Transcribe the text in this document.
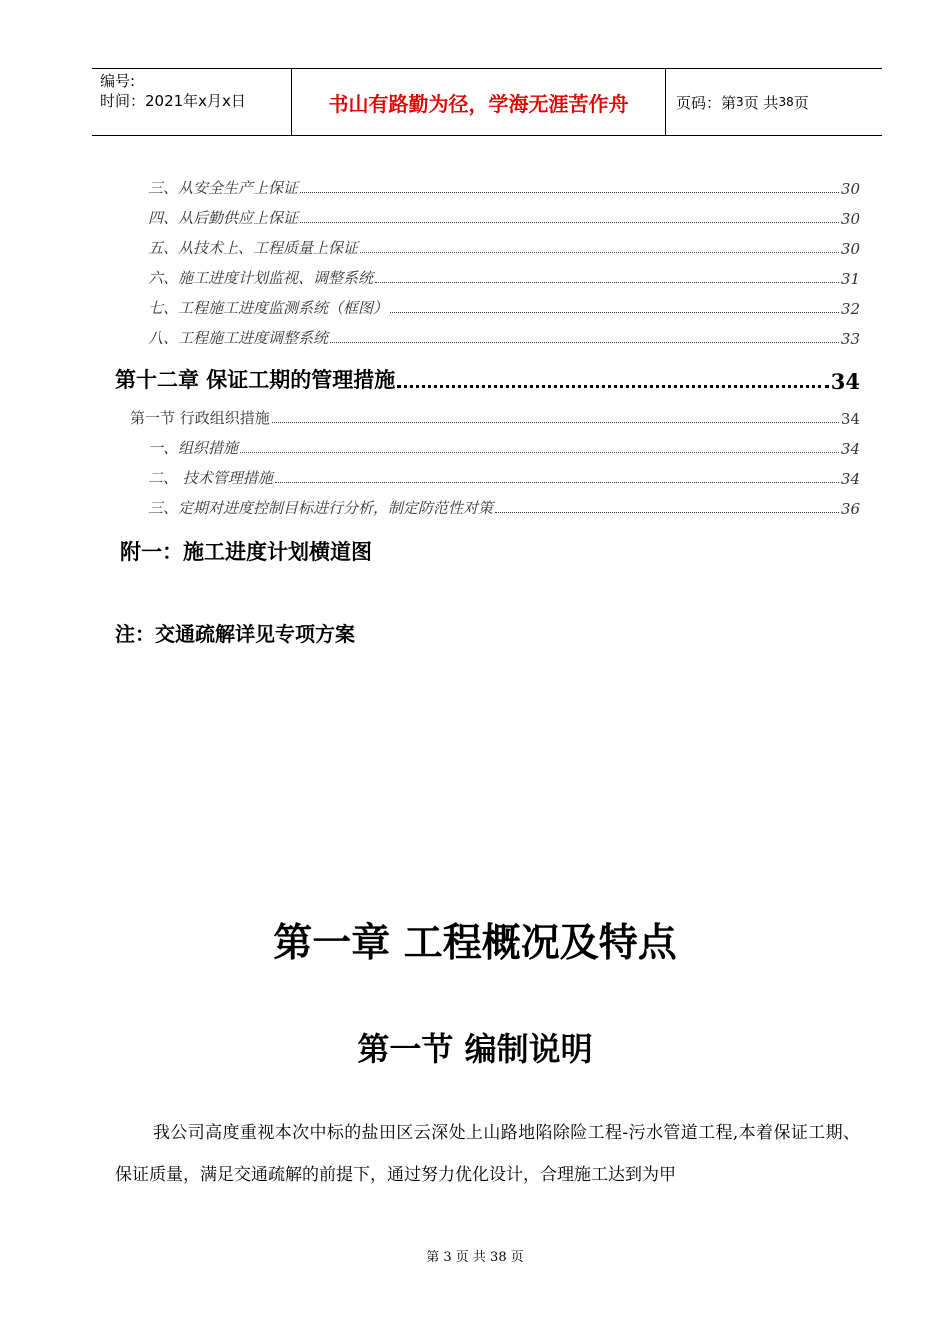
编号:
时间：2021年x月x日	书山有路勤为径，学海无涯苦作舟	页码：第 3 页 共 38 页
三、从安全生产上保证	30
四、从后勤供应上保证	30
五、从技术上、工程质量上保证	30
六、施工进度计划监视、调整系统	31
七、工程施工进度监测系统（框图）	32
八、工程施工进度调整系统	33
第十二章 保证工期的管理措施	34
第一节 行政组织措施	34
一、组织措施	34
二、 技术管理措施	34
三、定期对进度控制目标进行分析，制定防范性对策	36
附一：施工进度计划横道图
注：交通疏解详见专项方案
第一章 工程概况及特点
第一节 编制说明
我公司高度重视本次中标的盐田区云深处上山路地陷除险工程-污水管道工程,本着保证工期、保证质量，满足交通疏解的前提下，通过努力优化设计，合理施工达到为甲
第 3 页 共 38 页
